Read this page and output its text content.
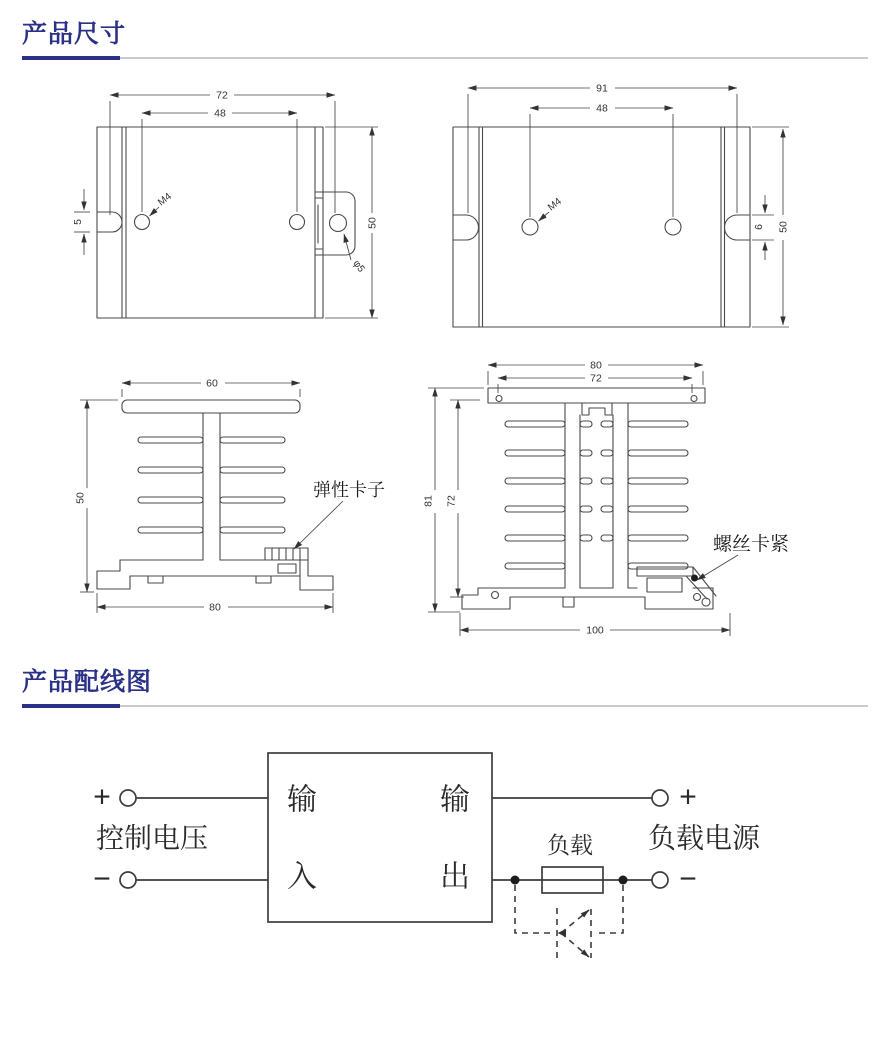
产品尺寸
72
48
50
5
M4
φ5
91
48
50
6
M4
60
50
80
弹性卡子
80
72
81 72
100
螺丝卡紧
产品配线图
输
入
输
出
+
控制电压
−
+
负载电源
负载
−
